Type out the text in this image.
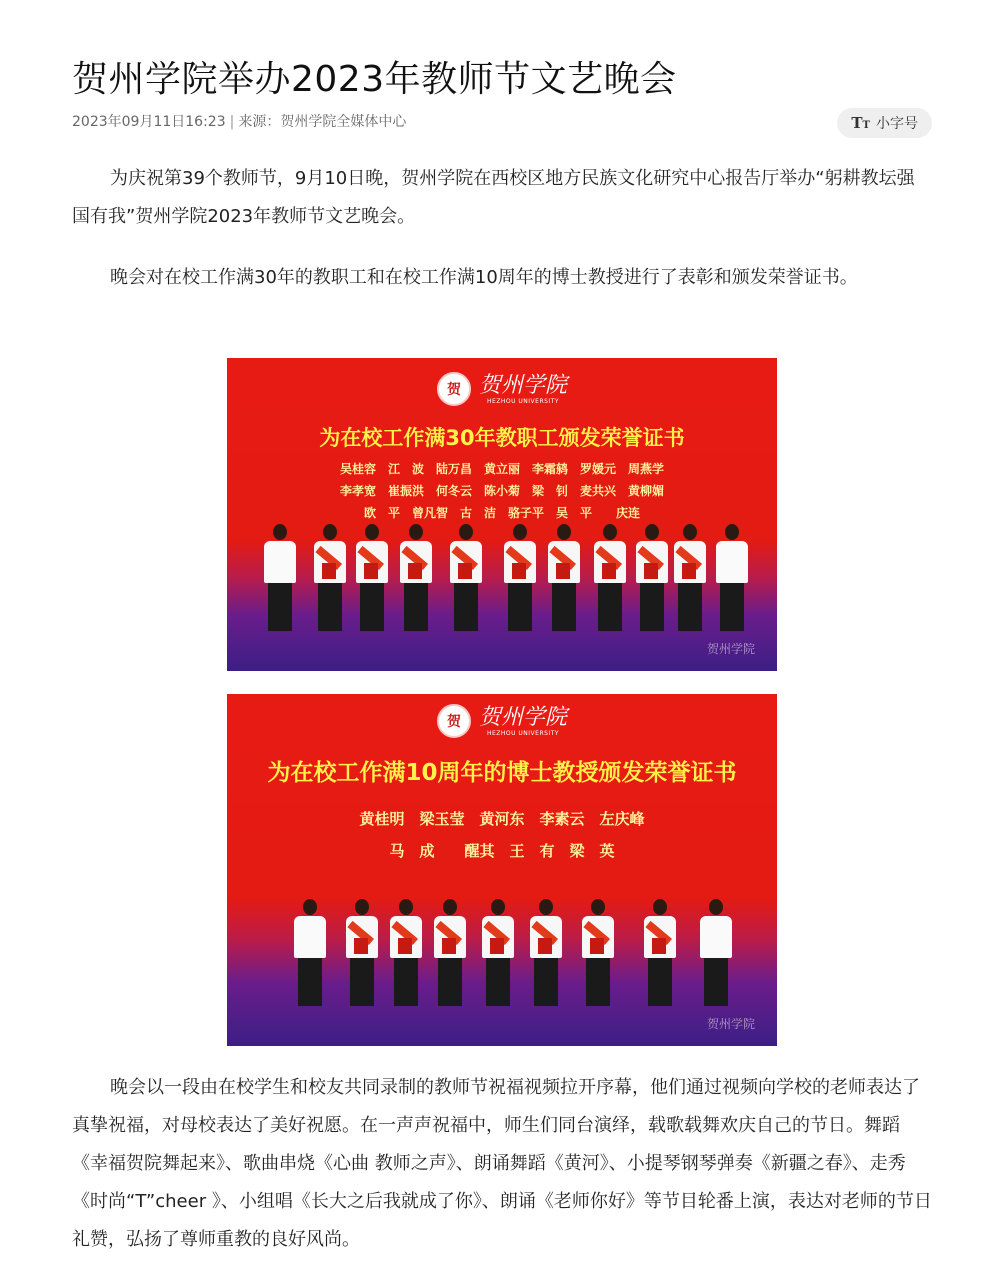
贺州学院举办2023年教师节文艺晚会
2023年09月11日16:23 | 来源：贺州学院全媒体中心	TT 小字号

为庆祝第39个教师节，9月10日晚，贺州学院在西校区地方民族文化研究中心报告厅举办“躬耕教坛强国有我”贺州学院2023年教师节文艺晚会。

晚会对在校工作满30年的教职工和在校工作满10周年的博士教授进行了表彰和颁发荣誉证书。

贺 贺州学院
HEZHOU UNIVERSITY
为在校工作满30年教职工颁发荣誉证书
吴桂容　江　波　陆万昌　黄立丽　李霜鸫　罗媛元　周燕学
李孝宽　崔振洪　何冬云　陈小菊　梁　钊　麦共兴　黄柳媚
欧　平　曾凡智　古　洁　骆子平　吴　平　　庆连
贺州学院
贺 贺州学院
HEZHOU UNIVERSITY
为在校工作满10周年的博士教授颁发荣誉证书
黄桂明　梁玉莹　黄河东　李素云　左庆峰
马　成　　醒其　王　有　梁　英
贺州学院

晚会以一段由在校学生和校友共同录制的教师节祝福视频拉开序幕，他们通过视频向学校的老师表达了真挚祝福，对母校表达了美好祝愿。在一声声祝福中，师生们同台演绎，载歌载舞欢庆自己的节日。舞蹈《幸福贺院舞起来》、歌曲串烧《心曲 教师之声》、朗诵舞蹈《黄河》、小提琴钢琴弹奏《新疆之春》、走秀《时尚“T”cheer 》、小组唱《长大之后我就成了你》、朗诵《老师你好》等节目轮番上演，表达对老师的节日礼赞，弘扬了尊师重教的良好风尚。
